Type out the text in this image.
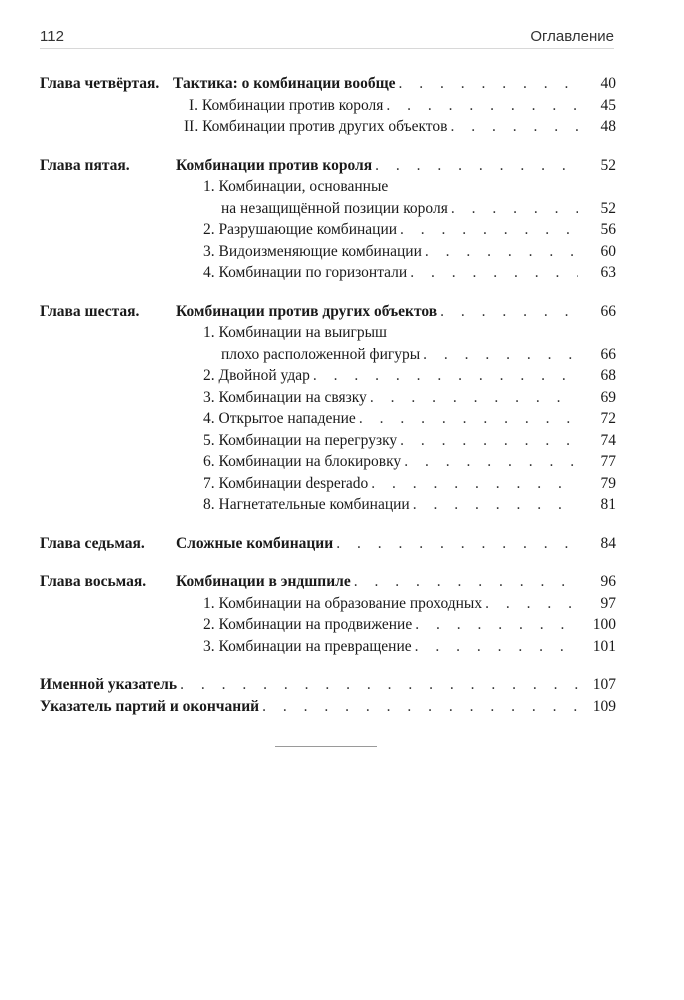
112	Оглавление
Глава четвёртая. Тактика: о комбинации вообще . . .	40
I. Комбинации против короля . . .	45
II. Комбинации против других объектов . . .	48
Глава пятая.	Комбинации против короля . . .	52
1. Комбинации, основанные
на незащищённой позиции короля . . .	52
2. Разрушающие комбинации . . .	56
3. Видоизменяющие комбинации . . .	60
4. Комбинации по горизонтали . . .	63
Глава шестая. Комбинации против других объектов . . .	66
1. Комбинации на выигрыш
плохо расположенной фигуры . . .	66
2. Двойной удар . . .	68
3. Комбинации на связку . . .	69
4. Открытое нападение . . .	72
5. Комбинации на перегрузку . . .	74
6. Комбинации на блокировку . . .	77
7. Комбинации desperado . . .	79
8. Нагнетательные комбинации . . .	81
Глава седьмая. Сложные комбинации . . .	84
Глава восьмая. Комбинации в эндшпиле . . .	96
1. Комбинации на образование проходных . . .	97
2. Комбинации на продвижение . . .	100
3. Комбинации на превращение . . .	101
Именной указатель . . .	107
Указатель партий и окончаний . . .	109
